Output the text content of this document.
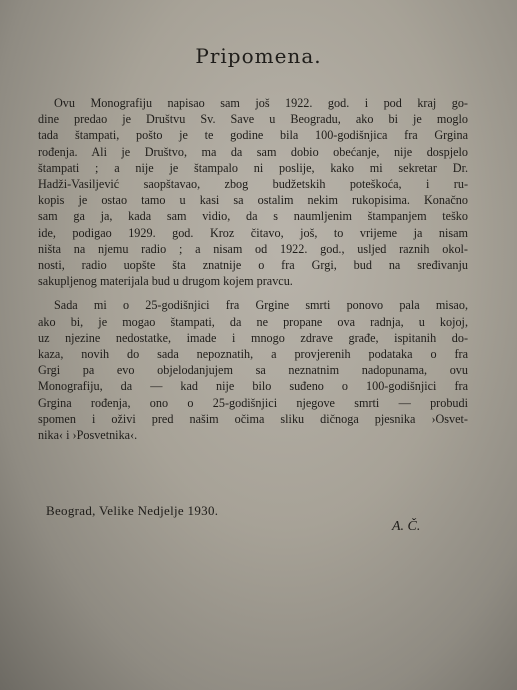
Pripomena.
Ovu Monografiju napisao sam još 1922. god. i pod kraj go-
dine predao je Društvu Sv. Save u Beogradu, ako bi je moglo
tada štampati, pošto je te godine bila 100-godišnjica fra Grgina
rođenja. Ali je Društvo, ma da sam dobio obećanje, nije dospjelo
štampati ; a nije je štampalo ni poslije, kako mi sekretar Dr.
Hadži-Vasiljević saopštavao, zbog budžetskih poteškoća, i ru-
kopis je ostao tamo u kasi sa ostalim nekim rukopisima. Konačno
sam ga ja, kada sam vidio, da s naumljenim štampanjem teško
ide, podigao 1929. god. Kroz čitavo, još, to vrijeme ja nisam
ništa na njemu radio ; a nisam od 1922. god., usljed raznih okol-
nosti, radio uopšte šta znatnije o fra Grgi, bud na sređivanju
sakupljenog materijala bud u drugom kojem pravcu.
Sada mi o 25-godišnjici fra Grgine smrti ponovo pala misao,
ako bi, je mogao štampati, da ne propane ova radnja, u kojoj,
uz njezine nedostatke, imade i mnogo zdrave građe, ispitanih do-
kaza, novih do sada nepoznatih, a provjerenih podataka o fra
Grgi pa evo objelodanjujem sa neznatnim nadopunama, ovu
Monografiju, da — kad nije bilo suđeno o 100-godišnjici fra
Grgina rođenja, ono o 25-godišnjici njegove smrti — probudi
spomen i oživi pred našim očima sliku dičnoga pjesnika ›Osvet-
nika‹ i ›Posvetnika‹.
Beograd, Velike Nedjelje 1930.
A. Č.
